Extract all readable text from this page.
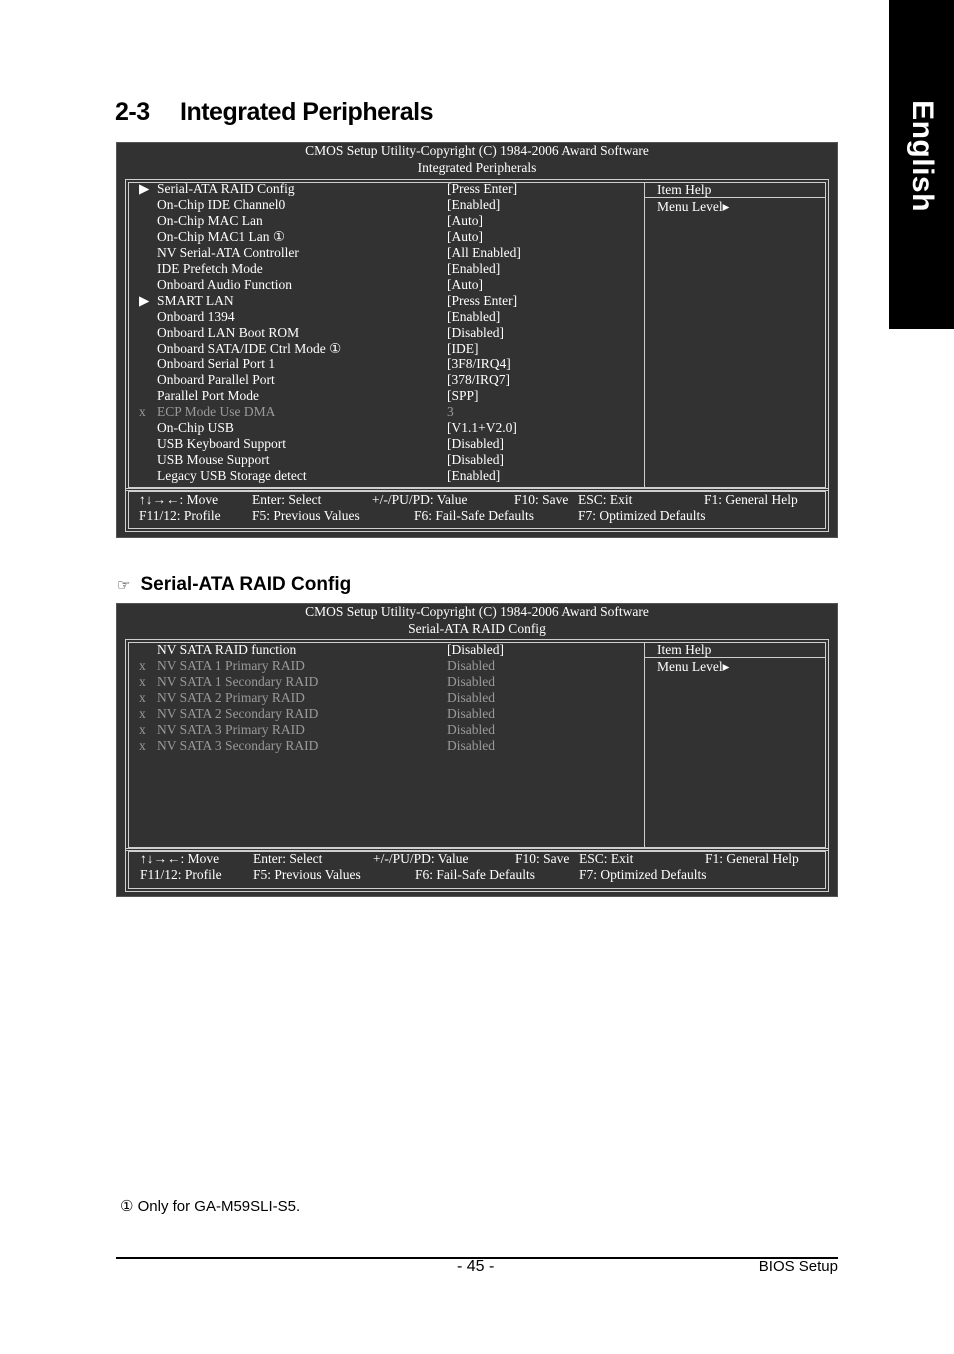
English
2-3	Integrated Peripherals
CMOS Setup Utility-Copyright (C) 1984-2006 Award Software
Integrated Peripherals
Item Help
Menu Level▸
▶ Serial-ATA RAID Config	[Press Enter]
On-Chip IDE Channel0	[Enabled]
On-Chip MAC Lan	[Auto]
On-Chip MAC1 Lan ①	[Auto]
NV Serial-ATA Controller	[All Enabled]
IDE Prefetch Mode	[Enabled]
Onboard Audio Function	[Auto]
▶ SMART LAN	[Press Enter]
Onboard 1394	[Enabled]
Onboard LAN Boot ROM	[Disabled]
Onboard SATA/IDE Ctrl Mode ①	[IDE]
Onboard Serial Port 1	[3F8/IRQ4]
Onboard Parallel Port	[378/IRQ7]
Parallel Port Mode	[SPP]
x ECP Mode Use DMA	3
On-Chip USB	[V1.1+V2.0]
USB Keyboard Support	[Disabled]
USB Mouse Support	[Disabled]
Legacy USB Storage detect	[Enabled]
↑↓→←: Move	Enter: Select	+/-/PU/PD: Value	F10: Save ESC: Exit	F1: General Help
F11/12: Profile F5: Previous Values	F6: Fail-Safe Defaults	F7: Optimized Defaults
☞ Serial-ATA RAID Config
CMOS Setup Utility-Copyright (C) 1984-2006 Award Software
Serial-ATA RAID Config
Item Help
Menu Level▸
NV SATA RAID function	[Disabled]
x NV SATA 1 Primary RAID	Disabled
x NV SATA 1 Secondary RAID	Disabled
x NV SATA 2 Primary RAID	Disabled
x NV SATA 2 Secondary RAID	Disabled
x NV SATA 3 Primary RAID	Disabled
x NV SATA 3 Secondary RAID	Disabled
↑↓→←: Move	Enter: Select	+/-/PU/PD: Value	F10: Save ESC: Exit	F1: General Help
F11/12: Profile F5: Previous Values	F6: Fail-Safe Defaults	F7: Optimized Defaults
① Only for GA-M59SLI-S5.
- 45 -	BIOS Setup
